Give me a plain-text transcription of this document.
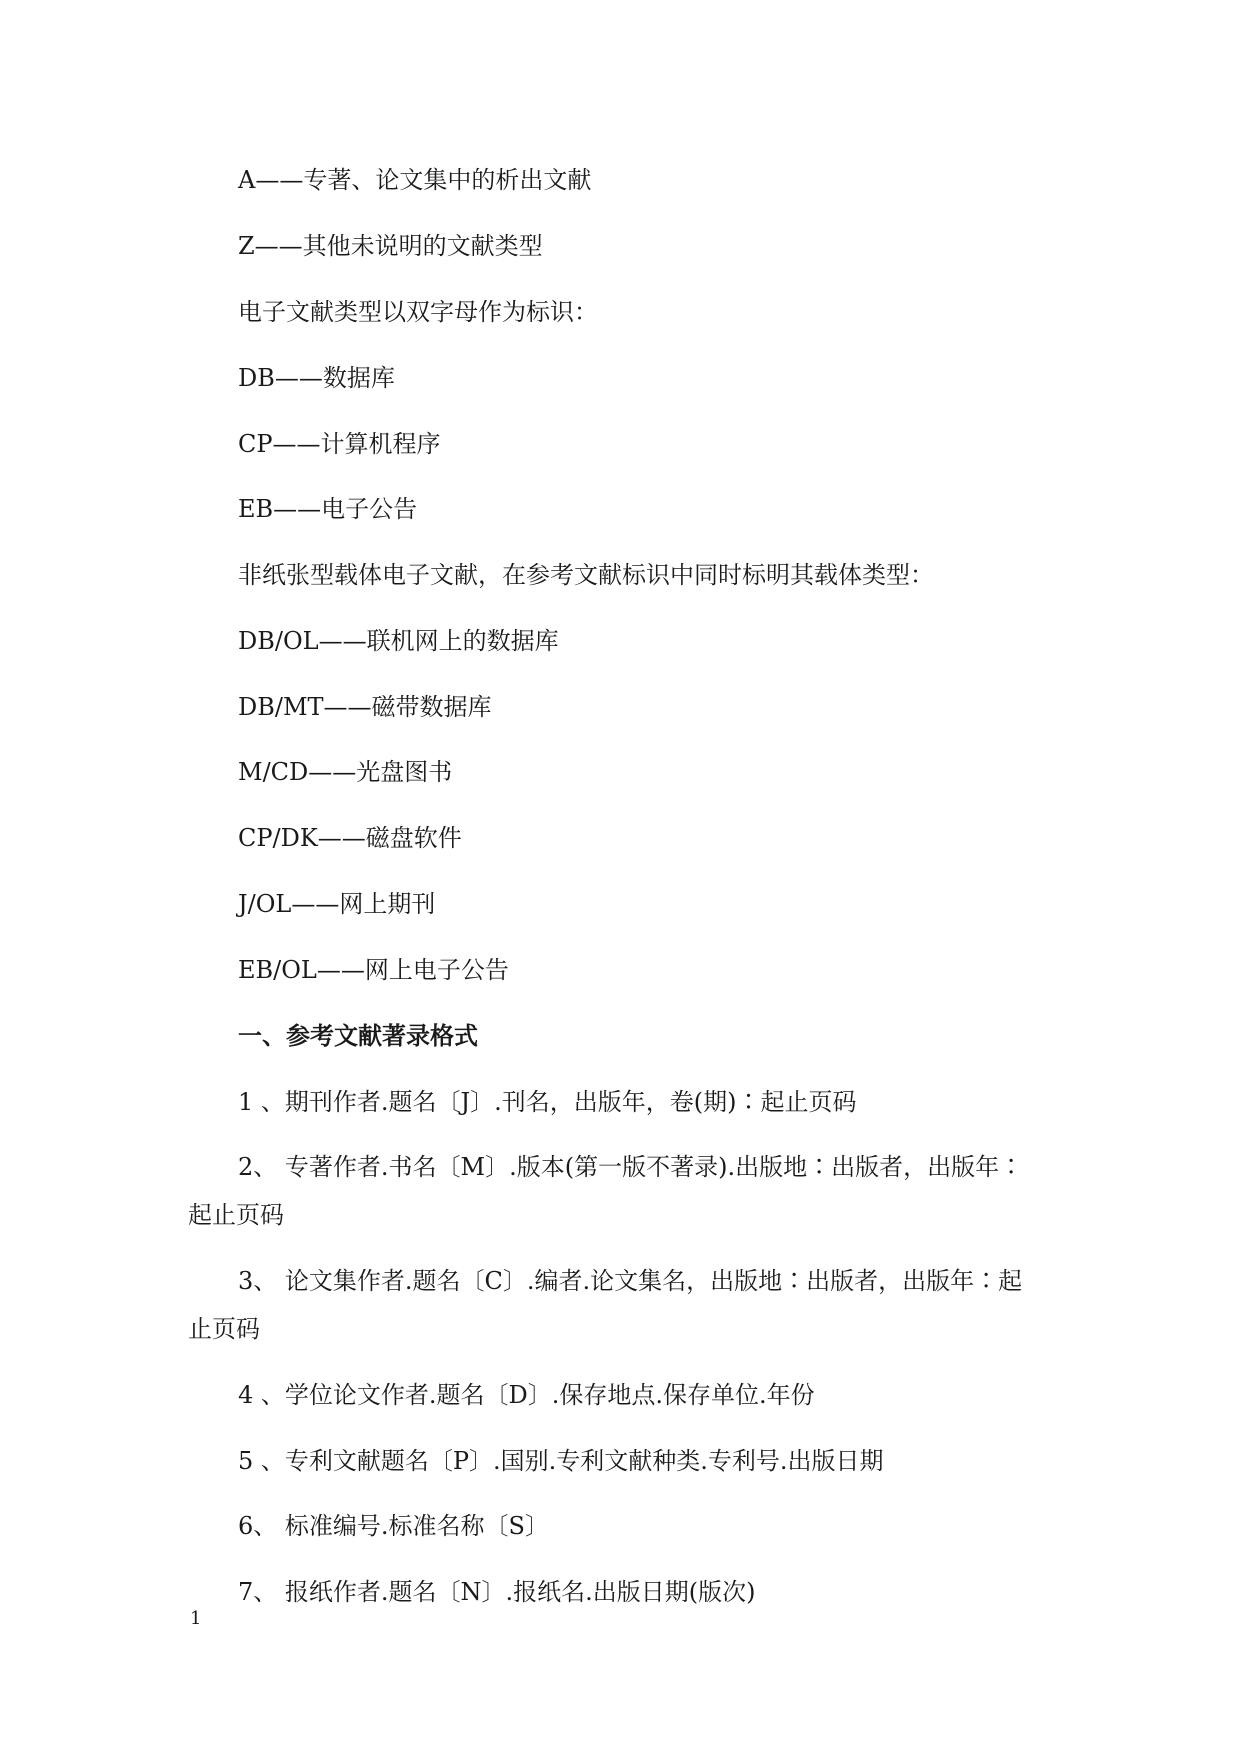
A——专著、论文集中的析出文献
Z——其他未说明的文献类型
电子文献类型以双字母作为标识：
DB——数据库
CP——计算机程序
EB——电子公告
非纸张型载体电子文献，在参考文献标识中同时标明其载体类型：
DB/OL——联机网上的数据库
DB/MT——磁带数据库
M/CD——光盘图书
CP/DK——磁盘软件
J/OL——网上期刊
EB/OL——网上电子公告
一、参考文献著录格式
1 、期刊作者.题名〔J〕.刊名，出版年，卷(期)∶起止页码
2、 专著作者.书名〔M〕.版本(第一版不著录).出版地∶出版者，出版年∶
起止页码
3、 论文集作者.题名〔C〕.编者.论文集名，出版地∶出版者，出版年∶起
止页码
4 、学位论文作者.题名〔D〕.保存地点.保存单位.年份
5 、专利文献题名〔P〕.国别.专利文献种类.专利号.出版日期
6、 标准编号.标准名称〔S〕
7、 报纸作者.题名〔N〕.报纸名.出版日期(版次)
1
